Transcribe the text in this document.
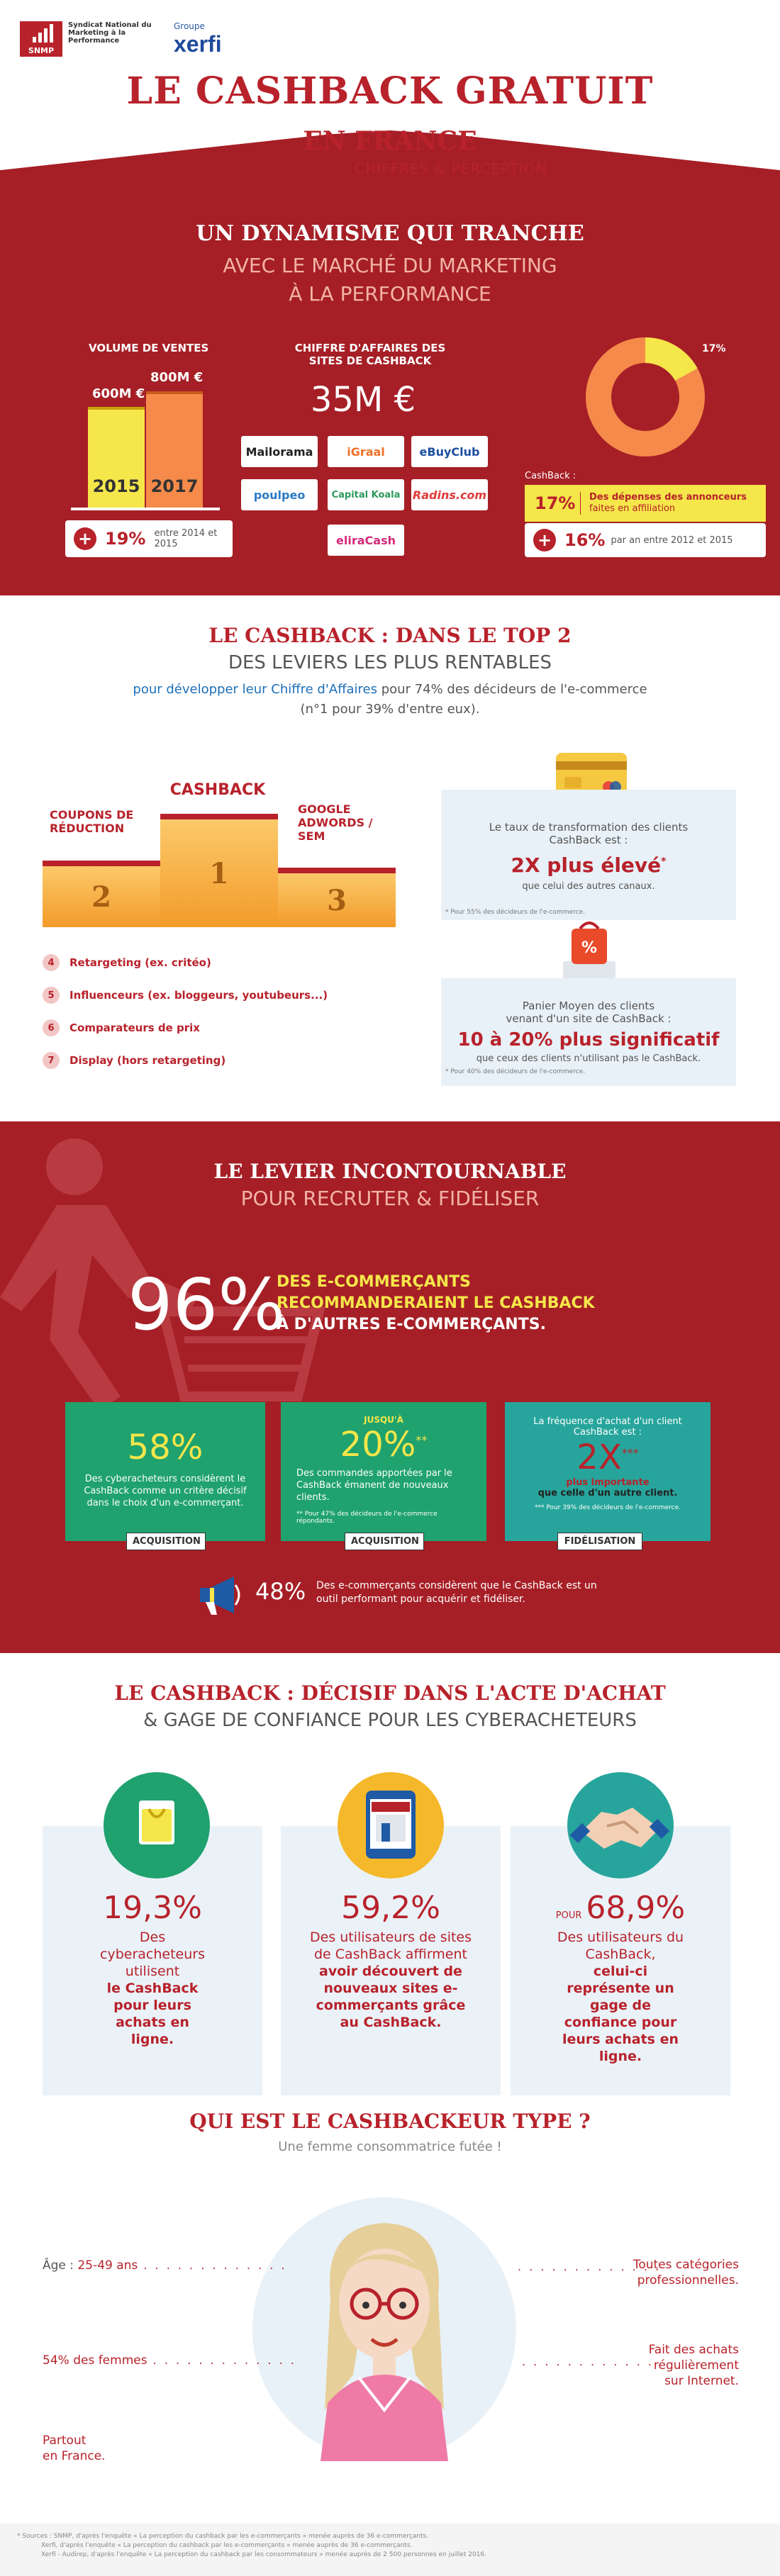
SNMP
Syndicat National du Marketing à la Performance
Groupe
xerfi
LE CASHBACK GRATUIT
EN FRANCE
CHIFFRES & PERCEPTION
UN DYNAMISME QUI TRANCHE
AVEC LE MARCHÉ DU MARKETING
À LA PERFORMANCE
VOLUME DE VENTES
600M €
800M €
2015 2017
+ 19% entre 2014 et 2015
CHIFFRE D'AFFAIRES DES SITES DE CASHBACK
35M €
Mailorama	iGraal	eBuyClub
poulpeo	Capital Koala	Radins.com
eliraCash
17%
CashBack :
17%	Des dépenses des annonceurs
faites en affiliation
+ 16% par an entre 2012 et 2015
LE CASHBACK : DANS LE TOP 2
DES LEVIERS LES PLUS RENTABLES
pour développer leur Chiffre d'Affaires pour 74% des décideurs de l'e-commerce
(n°1 pour 39% d'entre eux).
CASHBACK
COUPONS DE RÉDUCTION
GOOGLE ADWORDS / SEM
2
1
3
4	Retargeting (ex. critéo)
5	Influenceurs (ex. bloggeurs, youtubeurs...)
6	Comparateurs de prix
7	Display (hors retargeting)
Le taux de transformation des clients CashBack est :
2X plus élevé*
que celui des autres canaux.
* Pour 55% des décideurs de l'e-commerce.
%
Panier Moyen des clients
venant d'un site de CashBack :
10 à 20% plus significatif
que ceux des clients n'utilisant pas le CashBack.
* Pour 40% des décideurs de l'e-commerce.
LE LEVIER INCONTOURNABLE
POUR RECRUTER & FIDÉLISER
96%
DES E-COMMERÇANTS
RECOMMANDERAIENT LE CASHBACK
À D'AUTRES E-COMMERÇANTS.
58%
Des cyberacheteurs considèrent le CashBack comme un critère décisif dans le choix d'un e-commerçant.
ACQUISITION
JUSQU'À
20%**
Des commandes apportées par le CashBack émanent de nouveaux clients.
** Pour 47% des décideurs de l'e-commerce répondants.
ACQUISITION
La fréquence d'achat d'un client CashBack est :
2X***
plus importante
que celle d'un autre client.
*** Pour 39% des décideurs de l'e-commerce.
FIDÉLISATION
48% Des e-commerçants considèrent que le CashBack est un outil performant pour acquérir et fidéliser.
LE CASHBACK : DÉCISIF DANS L'ACTE D'ACHAT
& GAGE DE CONFIANCE POUR LES CYBERACHETEURS
19,3%
Des cyberacheteurs utilisent
le CashBack pour leurs achats en ligne.
59,2%
Des utilisateurs de sites de CashBack affirment
avoir découvert de nouveaux sites e-commerçants grâce au CashBack.
POUR 68,9%
Des utilisateurs du CashBack,
celui-ci représente un gage de confiance pour leurs achats en ligne.
QUI EST LE CASHBACKEUR TYPE ?
Une femme consommatrice futée !
Âge : 25-49 ans . . . . . . . . . . . . .
54% des femmes . . . . . . . . . . . . .
Partout
en France.
. . . . . . . . . . . . .
Toutes catégories
professionnelles.
. . . . . . . . . . . .
Fait des achats
régulièrement
sur Internet.
* Sources : SNMP, d'après l'enquête « La perception du cashback par les e-commerçants » menée auprès de 36 e-commerçants.
Xerfi, d'après l'enquête « La perception du cashback par les e-commerçants » menée auprès de 36 e-commerçants.
Xerfi - Audirep, d'après l'enquête « La perception du cashback par les consommateurs » menée auprès de 2 500 personnes en juillet 2016.
